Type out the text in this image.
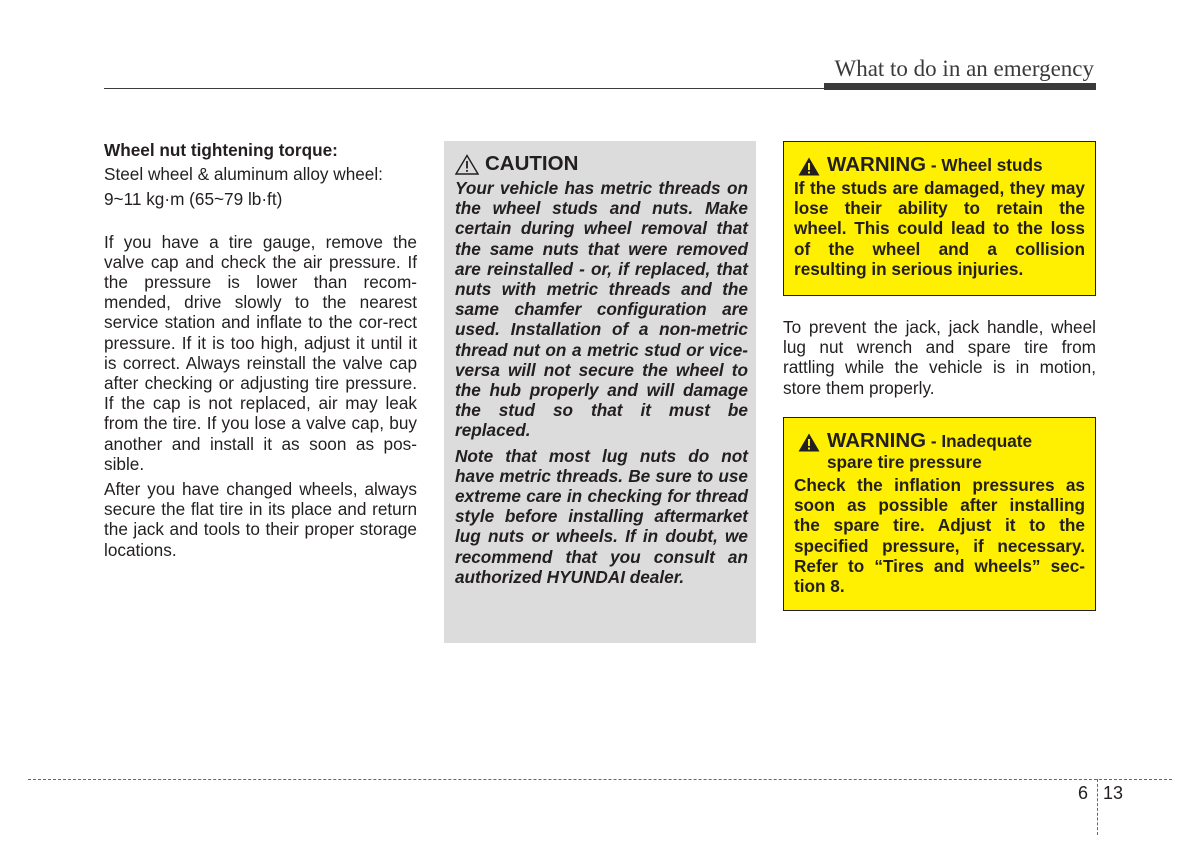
What to do in an emergency

Wheel nut tightening torque:

Steel wheel & aluminum alloy wheel:

9~11 kg·m (65~79 lb·ft)

If you have a tire gauge, remove the valve cap and check the air pressure. If the pressure is lower than recom-mended, drive slowly to the nearest service station and inflate to the cor-rect pressure. If it is too high, adjust it until it is correct. Always reinstall the valve cap after checking or adjusting tire pressure. If the cap is not replaced, air may leak from the tire. If you lose a valve cap, buy another and install it as soon as pos-sible.

After you have changed wheels, always secure the flat tire in its place and return the jack and tools to their proper storage locations.

CAUTION

Your vehicle has metric threads on the wheel studs and nuts. Make certain during wheel removal that the same nuts that were removed are reinstalled - or, if replaced, that nuts with metric threads and the same chamfer configuration are used. Installation of a non-metric thread nut on a metric stud or vice-versa will not secure the wheel to the hub properly and will damage the stud so that it must be replaced.

Note that most lug nuts do not have metric threads. Be sure to use extreme care in checking for thread style before installing aftermarket lug nuts or wheels. If in doubt, we recommend that you consult an authorized HYUNDAI dealer.

WARNING - Wheel studs

If the studs are damaged, they may lose their ability to retain the wheel. This could lead to the loss of the wheel and a collision resulting in serious injuries.

To prevent the jack, jack handle, wheel lug nut wrench and spare tire from rattling while the vehicle is in motion, store them properly.

WARNING - Inadequate
spare tire pressure

Check the inflation pressures as soon as possible after installing the spare tire. Adjust it to the specified pressure, if necessary. Refer to “Tires and wheels” sec-tion 8.

6 13
